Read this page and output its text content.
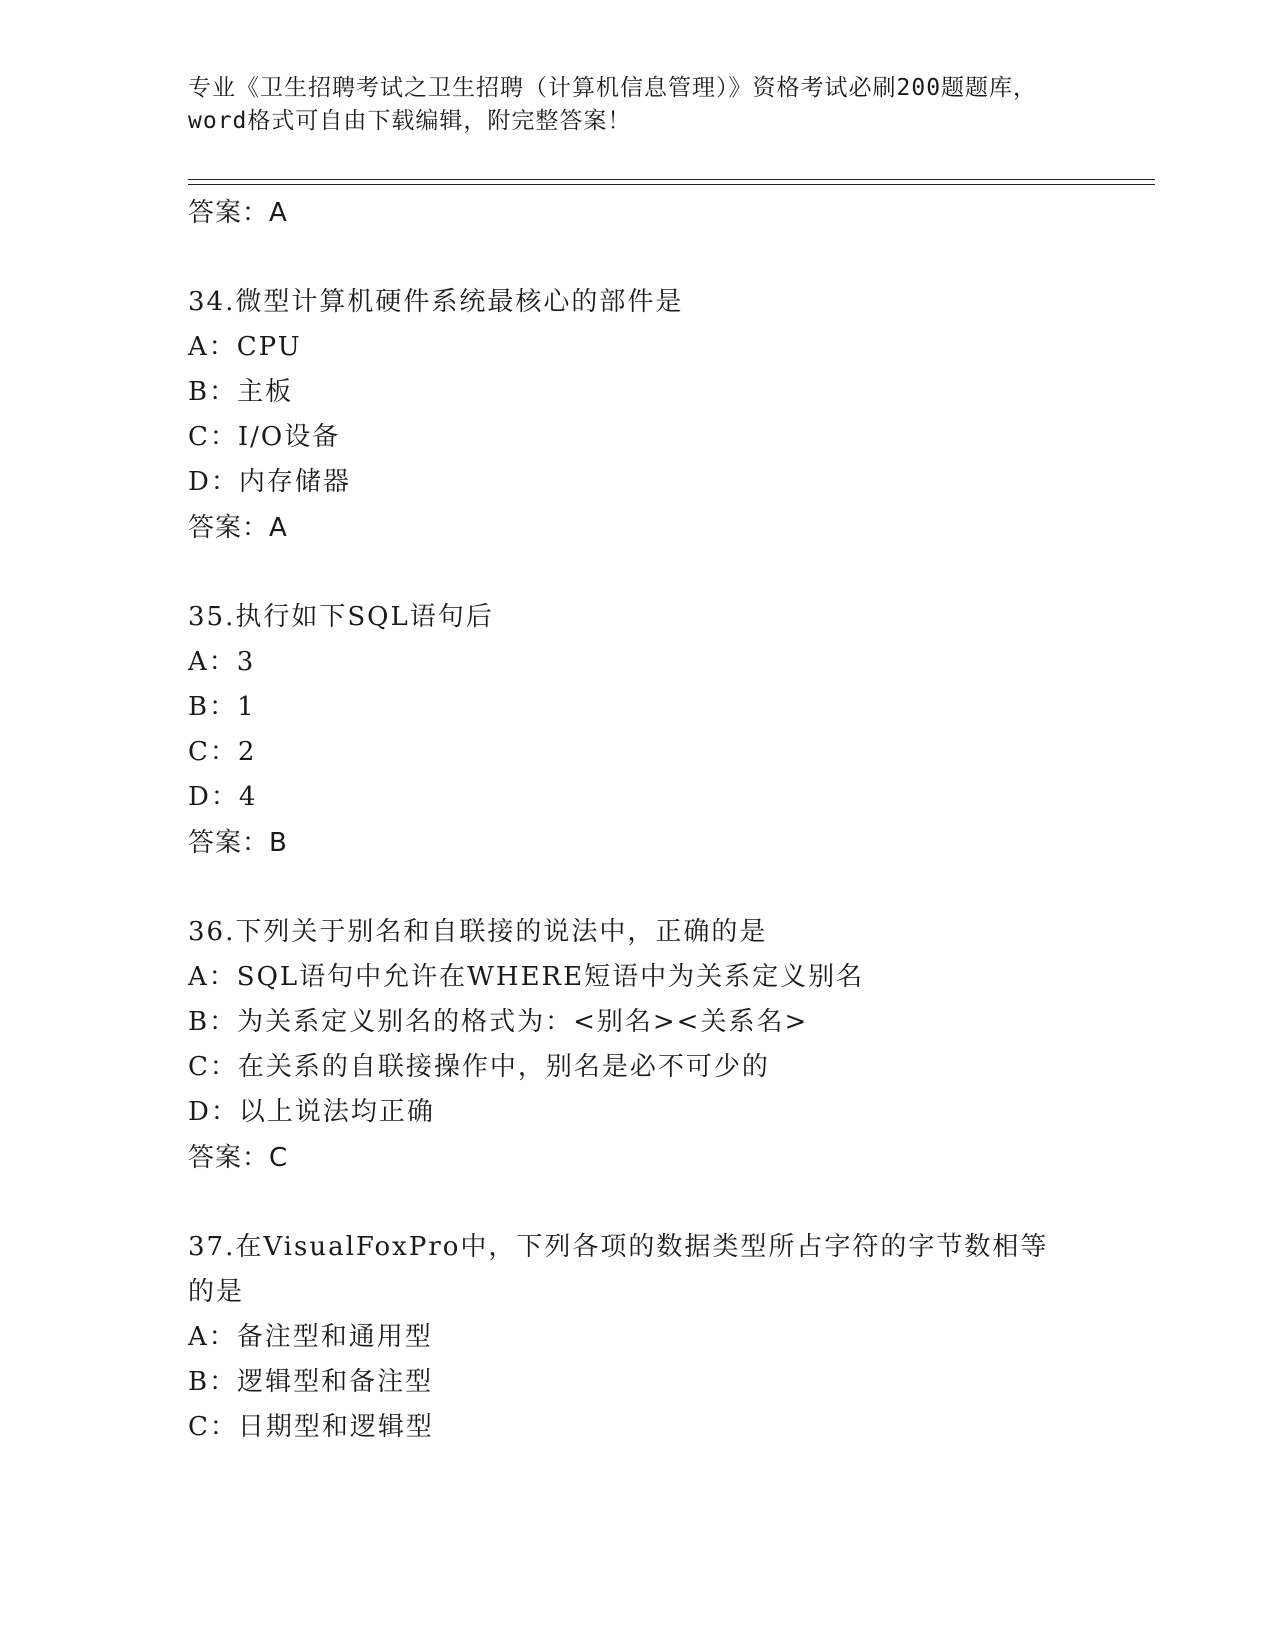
专业《卫生招聘考试之卫生招聘（计算机信息管理）》资格考试必刷200题题库，
word格式可自由下载编辑，附完整答案！
答案：A
34.微型计算机硬件系统最核心的部件是
A：CPU
B：主板
C：I/O设备
D：内存储器
答案：A
35.执行如下SQL语句后
A：3
B：1
C：2
D：4
答案：B
36.下列关于别名和自联接的说法中，正确的是
A：SQL语句中允许在WHERE短语中为关系定义别名
B：为关系定义别名的格式为：<别名><关系名>
C：在关系的自联接操作中，别名是必不可少的
D：以上说法均正确
答案：C
37.在VisualFoxPro中，下列各项的数据类型所占字符的字节数相等
的是
A：备注型和通用型
B：逻辑型和备注型
C：日期型和逻辑型
